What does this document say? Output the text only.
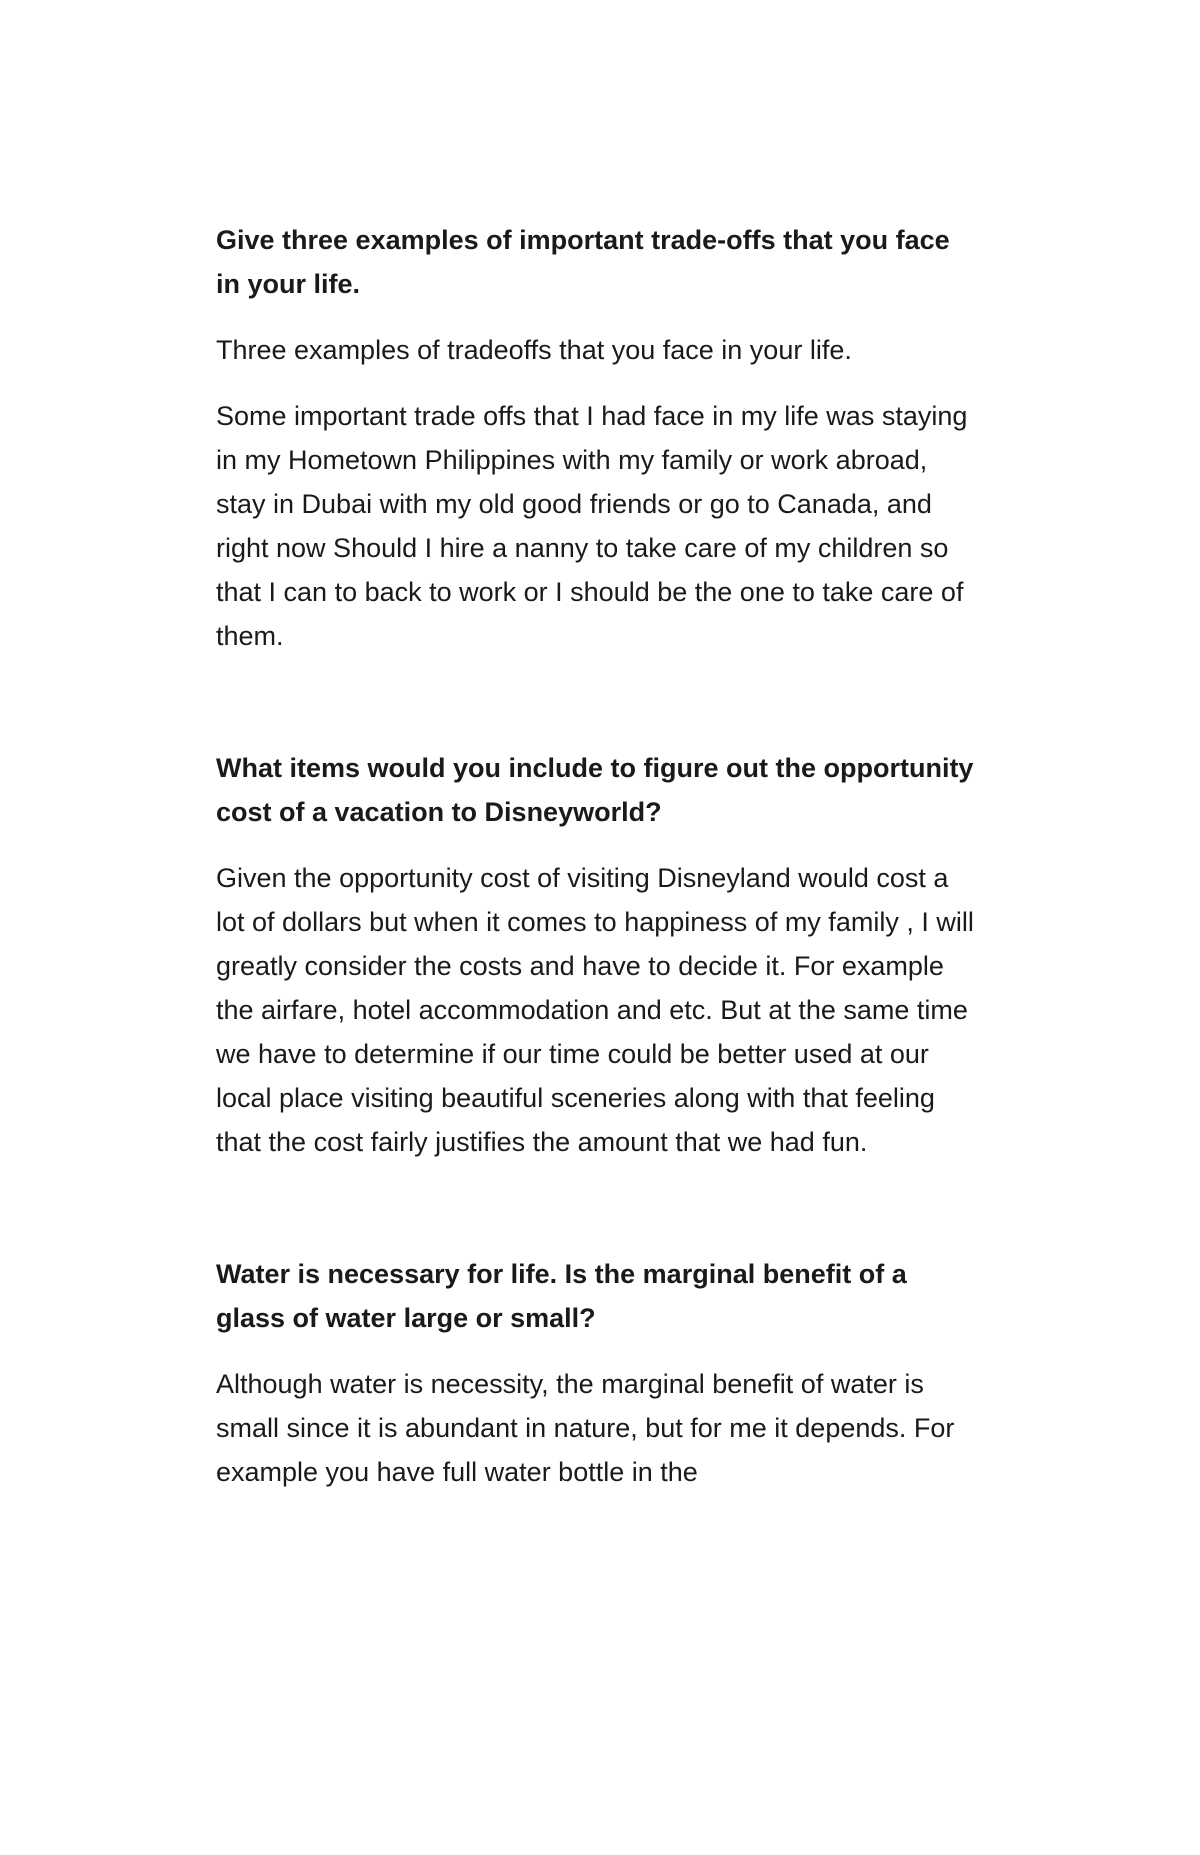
Give three examples of important trade-offs that you face in your life.

Three examples of tradeoffs that you face in your life.

Some important trade offs that I had face in my life was staying in my Hometown Philippines with my family or work abroad, stay in Dubai with my old good friends or go to Canada, and right now Should I hire a nanny to take care of my children so that I can to back to work or I should be the one to take care of them.

What items would you include to figure out the opportunity cost of a vacation to Disneyworld?

Given the opportunity cost of visiting Disneyland would cost a lot of dollars but when it comes to happiness of my family , I will greatly consider the costs and have to decide it. For example the airfare, hotel accommodation and etc. But at the same time we have to determine if our time could be better used at our local place visiting beautiful sceneries along with that feeling that the cost fairly justifies the amount that we had fun.

Water is necessary for life. Is the marginal benefit of a glass of water large or small?

Although water is necessity, the marginal benefit of water is small since it is abundant in nature, but for me it depends. For example you have full water bottle in the
